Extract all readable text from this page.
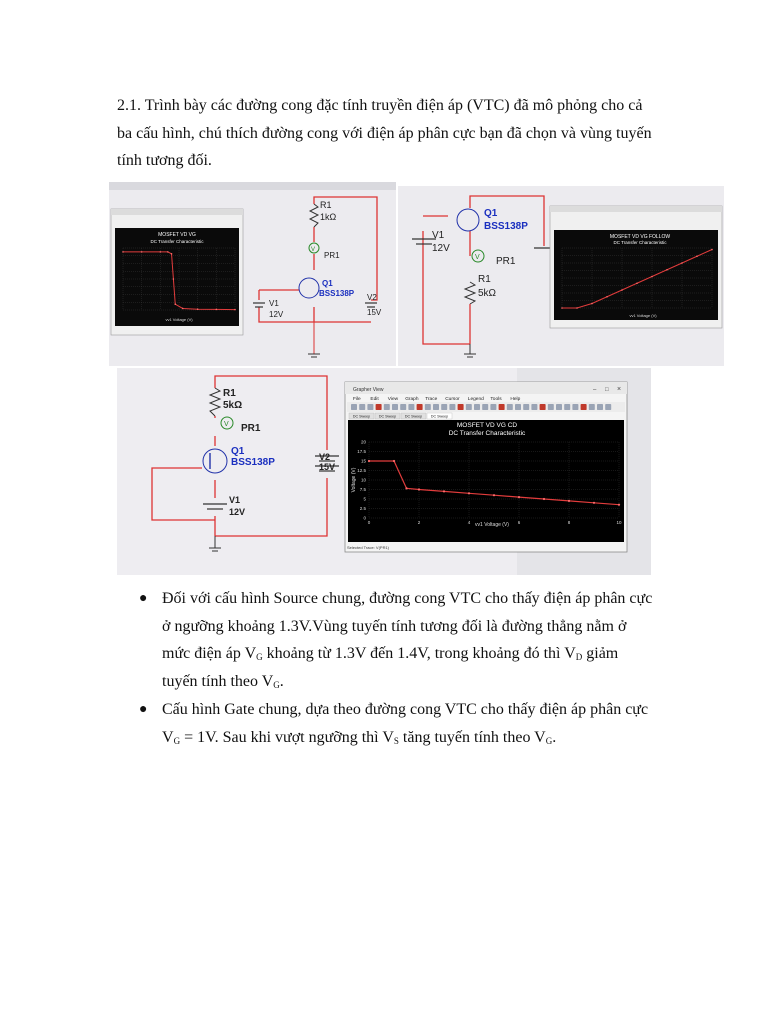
2.1. Trình bày các đường cong đặc tính truyền điện áp (VTC) đã mô phỏng cho cả ba cấu hình, chú thích đường cong với điện áp phân cực bạn đã chọn và vùng tuyến tính tương đối.

R1
1kΩ
V
PR1
Q1
BSS138P
V1
12V
V2
15V
MOSFET VD VG
DC Transfer Characteristic
vv1 Voltage (V)
Q1
BSS138P
V1
12V
V PR1
R1
5kΩ
MOSFET VD VG FOLLOW
DC Transfer Characteristic
vv1 Voltage (V)
R1
5kΩ
V PR1
Q1
BSS138P	V2
15V
V1
12V
Grapher View	×
□
–
File Edit View Graph Trace Cursor Legend Tools Help
DC Sweep DC Sweep DC Sweep DC Sweep
MOSFET VD VG CD
DC Transfer Characteristic
Voltage (V)
vv1 Voltage (V)
20
17.5
15
12.5
10
7.5
5
2.5
0
0	2	4	6	8	10
Selected Trace: V(PR1)
● Đối với cấu hình Source chung, đường cong VTC cho thấy điện áp phân cực ở ngưỡng khoảng 1.3V.Vùng tuyến tính tương đối là đường thẳng nằm ở mức điện áp $V_G$ khoảng từ 1.3V đến 1.4V, trong khoảng đó thì $V_D$ giảm tuyến tính theo $V_G$.
● Cấu hình Gate chung, dựa theo đường cong VTC cho thấy điện áp phân cực $V_G = 1V$. Sau khi vượt ngưỡng thì $V_S$ tăng tuyến tính theo $V_G$.
